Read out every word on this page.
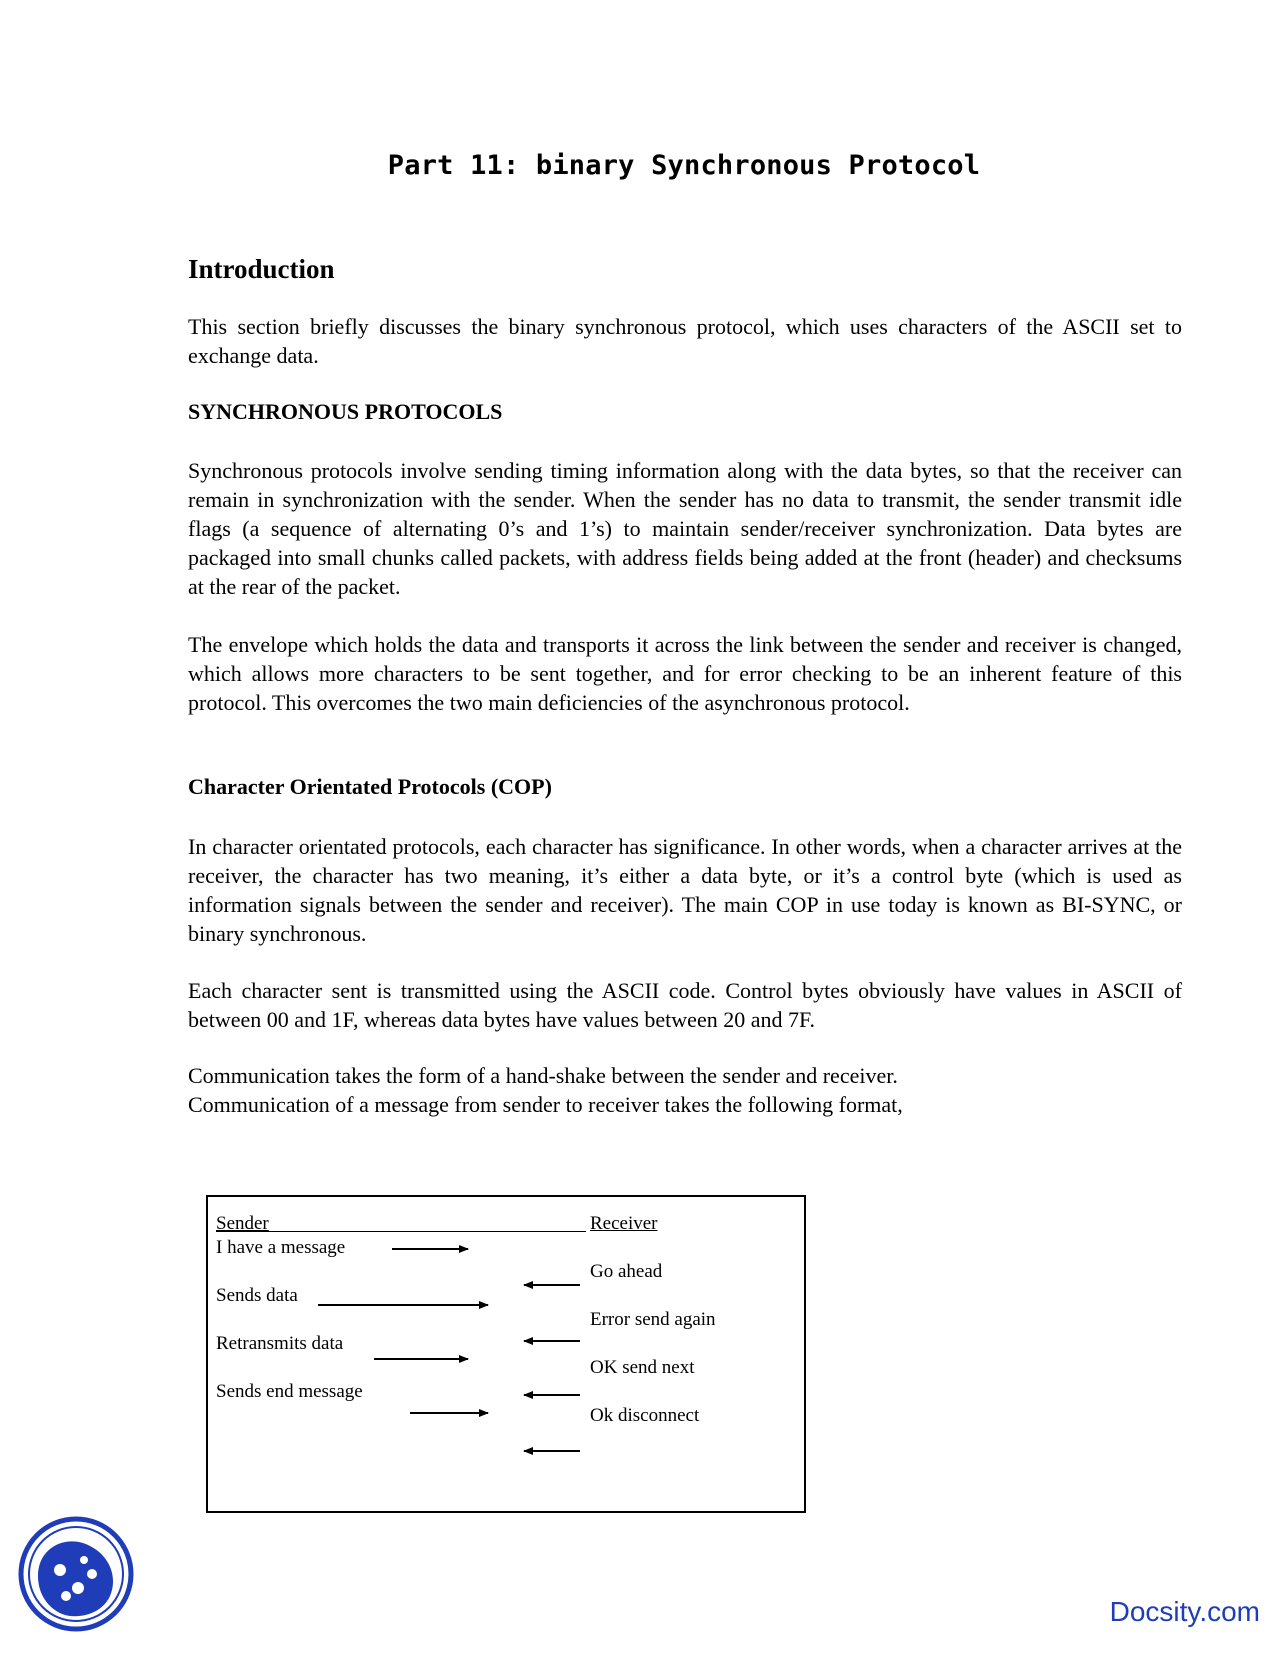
Part 11: binary Synchronous Protocol
Introduction
This section briefly discusses the binary synchronous protocol, which uses characters of the ASCII set to exchange data.
SYNCHRONOUS PROTOCOLS
Synchronous protocols involve sending timing information along with the data bytes, so that the receiver can remain in synchronization with the sender. When the sender has no data to transmit, the sender transmit idle flags (a sequence of alternating 0’s and 1’s) to maintain sender/receiver synchronization. Data bytes are packaged into small chunks called packets, with address fields being added at the front (header) and checksums at the rear of the packet.
The envelope which holds the data and transports it across the link between the sender and receiver is changed, which allows more characters to be sent together, and for error checking to be an inherent feature of this protocol. This overcomes the two main deficiencies of the asynchronous protocol.
Character Orientated Protocols (COP)
In character orientated protocols, each character has significance. In other words, when a character arrives at the receiver, the character has two meaning, it’s either a data byte, or it’s a control byte (which is used as information signals between the sender and receiver). The main COP in use today is known as BI-SYNC, or binary synchronous.
Each character sent is transmitted using the ASCII code. Control bytes obviously have values in ASCII of between 00 and 1F, whereas data bytes have values between 20 and 7F.
Communication takes the form of a hand-shake between the sender and receiver.
Communication of a message from sender to receiver takes the following format,
Sender	Receiver
I have a message
Sends data
Retransmits data
Sends end message
Go ahead
Error send again
OK send next
Ok disconnect
Docsity.com
